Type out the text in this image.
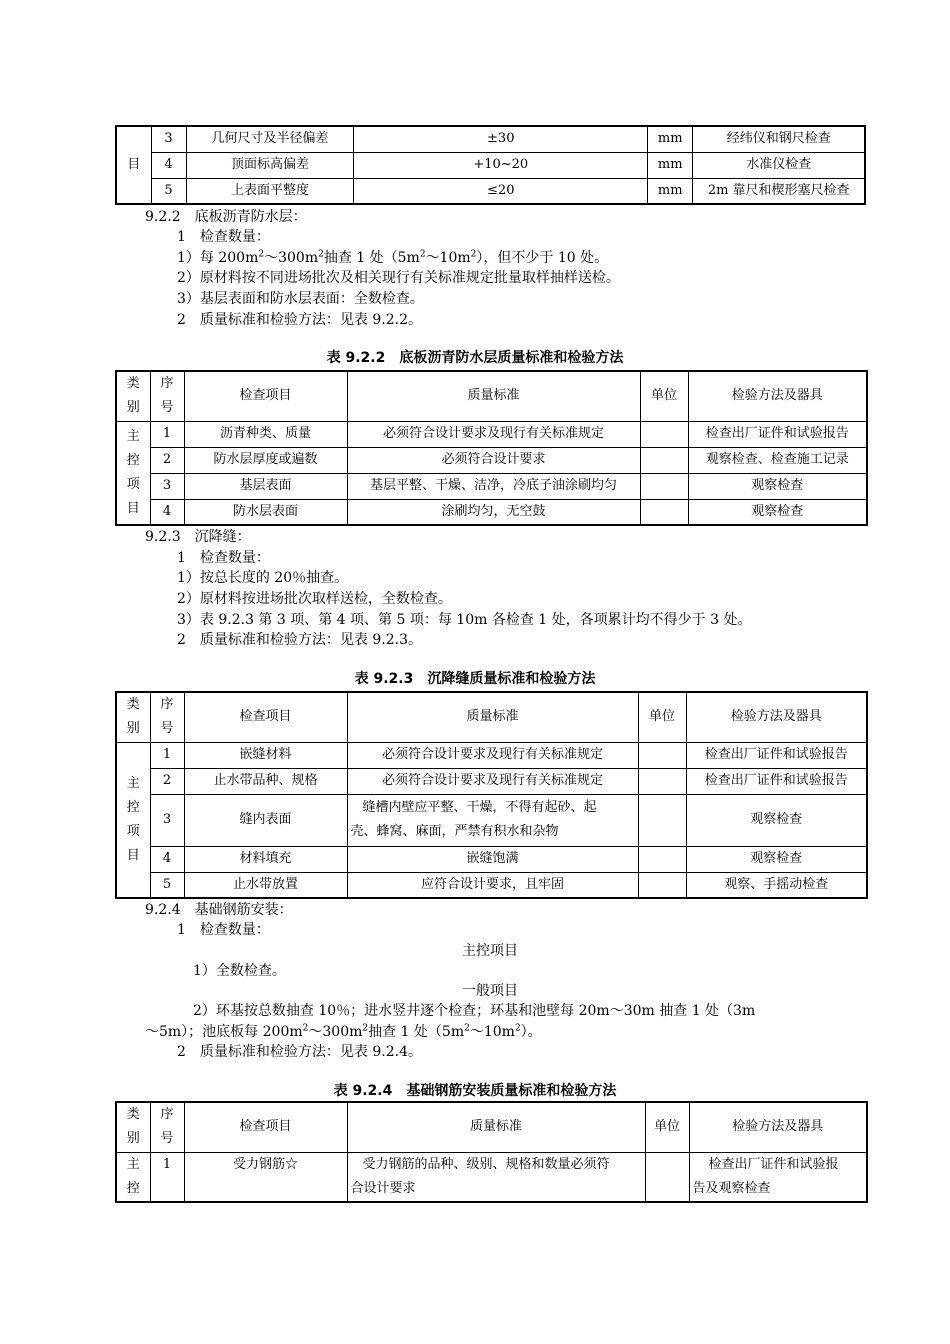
目	3	几何尺寸及半径偏差	±30	mm	经纬仪和钢尺检查
	4	顶面标高偏差	+10~20	mm	水准仪检查
	5	上表面平整度	≤20	mm	2m 靠尺和楔形塞尺检查
9.2.2　底板沥青防水层：
1　检查数量：
1）每 $200m^2\sim 300m^2$抽查 1 处$(5m^2\sim 10m^2)$，但不少于 10 处。
2）原材料按不同进场批次及相关现行有关标准规定批量取样抽样送检。
3）基层表面和防水层表面：全数检查。
2　质量标准和检验方法：见表 9.2.2。
表 9.2.2　底板沥青防水层质量标准和检验方法
类
别	序
号	检查项目	质量标准	单位	检验方法及器具

主
控
项
目	1	沥青种类、质量	必须符合设计要求及现行有关标准规定		检查出厂证件和试验报告
	2	防水层厚度或遍数	必须符合设计要求		观察检查、检查施工记录
	3	基层表面	基层平整、干燥、洁净，冷底子油涂刷均匀		观察检查
	4	防水层表面	涂刷均匀，无空鼓		观察检查
9.2.3　沉降缝：
1　检查数量：
1）按总长度的 20％抽查。
2）原材料按进场批次取样送检，全数检查。
3）表 9.2.3 第 3 项、第 4 项、第 5 项：每 10m 各检查 1 处，各项累计均不得少于 3 处。
2　质量标准和检验方法：见表 9.2.3。
表 9.2.3　沉降缝质量标准和检验方法
类
别	序
号	检查项目	质量标准	单位	检验方法及器具

主
控
项
目	1	嵌缝材料	必须符合设计要求及现行有关标准规定		检查出厂证件和试验报告
	2	止水带品种、规格	必须符合设计要求及现行有关标准规定		检查出厂证件和试验报告
	3	缝内表面	缝槽内壁应平整、干燥，不得有起砂、起
壳、蜂窝、麻面，严禁有积水和杂物		观察检查
	4	材料填充	嵌缝饱满		观察检查
	5	止水带放置	应符合设计要求，且牢固		观察、手摇动检查
9.2.4　基础钢筋安装：
1　检查数量：
主控项目
1）全数检查。
一般项目
2）环基按总数抽查 10％；进水竖井逐个检查；环基和池壁每 20m～30m 抽查 1 处（3m
～5m）；池底板每 $200m^2\sim 300m^2$抽查 1 处$(5m^2\sim 10m^2)$。
2　质量标准和检验方法：见表 9.2.4。
表 9.2.4　基础钢筋安装质量标准和检验方法
类
别	序
号	检查项目	质量标准	单位	检验方法及器具

主
控	1	受力钢筋☆	受力钢筋的品种、级别、规格和数量必须符
合设计要求		检查出厂证件和试验报
告及观察检查
